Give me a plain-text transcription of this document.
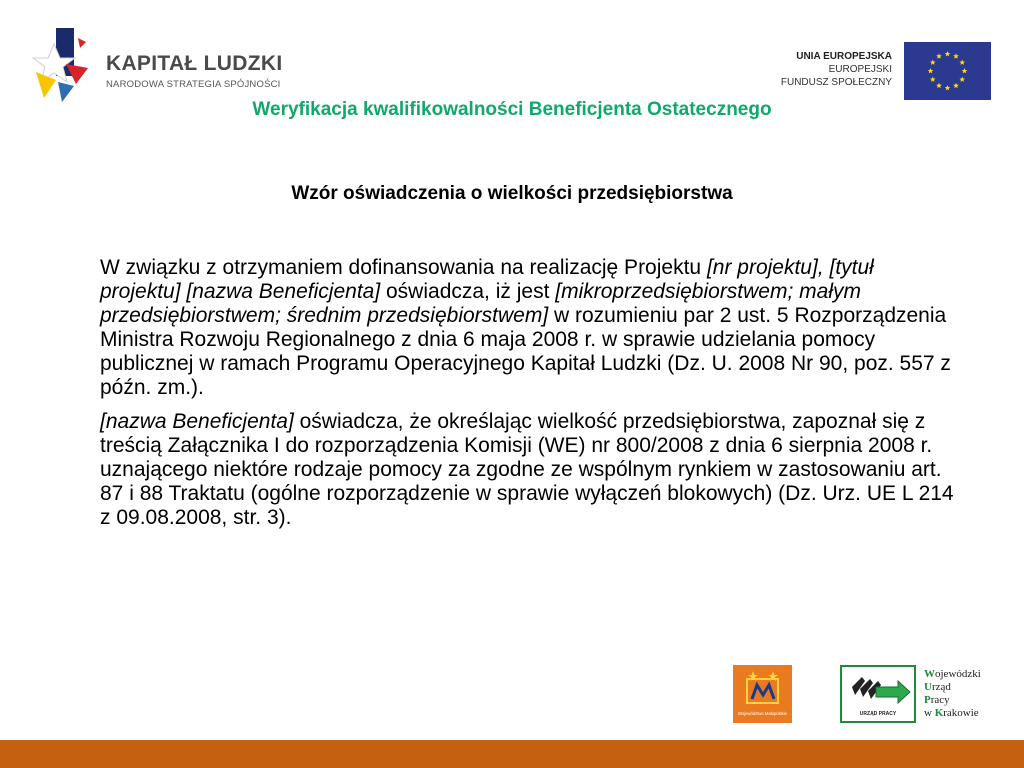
KAPITAŁ LUDZKI
NARODOWA STRATEGIA SPÓJNOŚCI
UNIA EUROPEJSKA
EUROPEJSKI
FUNDUSZ SPOŁECZNY
Weryfikacja kwalifikowalności Beneficjenta Ostatecznego
Wzór oświadczenia o wielkości przedsiębiorstwa

W związku z otrzymaniem dofinansowania na realizację Projektu [nr projektu], [tytuł projektu] [nazwa Beneficjenta] oświadcza, iż jest [mikroprzedsiębiorstwem; małym przedsiębiorstwem; średnim przedsiębiorstwem] w rozumieniu par 2 ust. 5 Rozporządzenia Ministra Rozwoju Regionalnego z dnia 6 maja 2008 r. w sprawie udzielania pomocy publicznej w ramach Programu Operacyjnego Kapitał Ludzki (Dz. U. 2008 Nr 90, poz. 557 z późn. zm.).

[nazwa Beneficjenta] oświadcza, że określając wielkość przedsiębiorstwa, zapoznał się z treścią Załącznika I do rozporządzenia Komisji (WE) nr 800/2008 z dnia 6 sierpnia 2008 r. uznającego niektóre rodzaje pomocy za zgodne ze wspólnym rynkiem w zastosowaniu art. 87 i 88 Traktatu (ogólne rozporządzenie w sprawie wyłączeń blokowych) (Dz. Urz. UE L 214 z 09.08.2008, str. 3).

Województwo Małopolskie	URZĄD PRACY
Wojewódzki
Urząd
Pracy
w Krakowie
